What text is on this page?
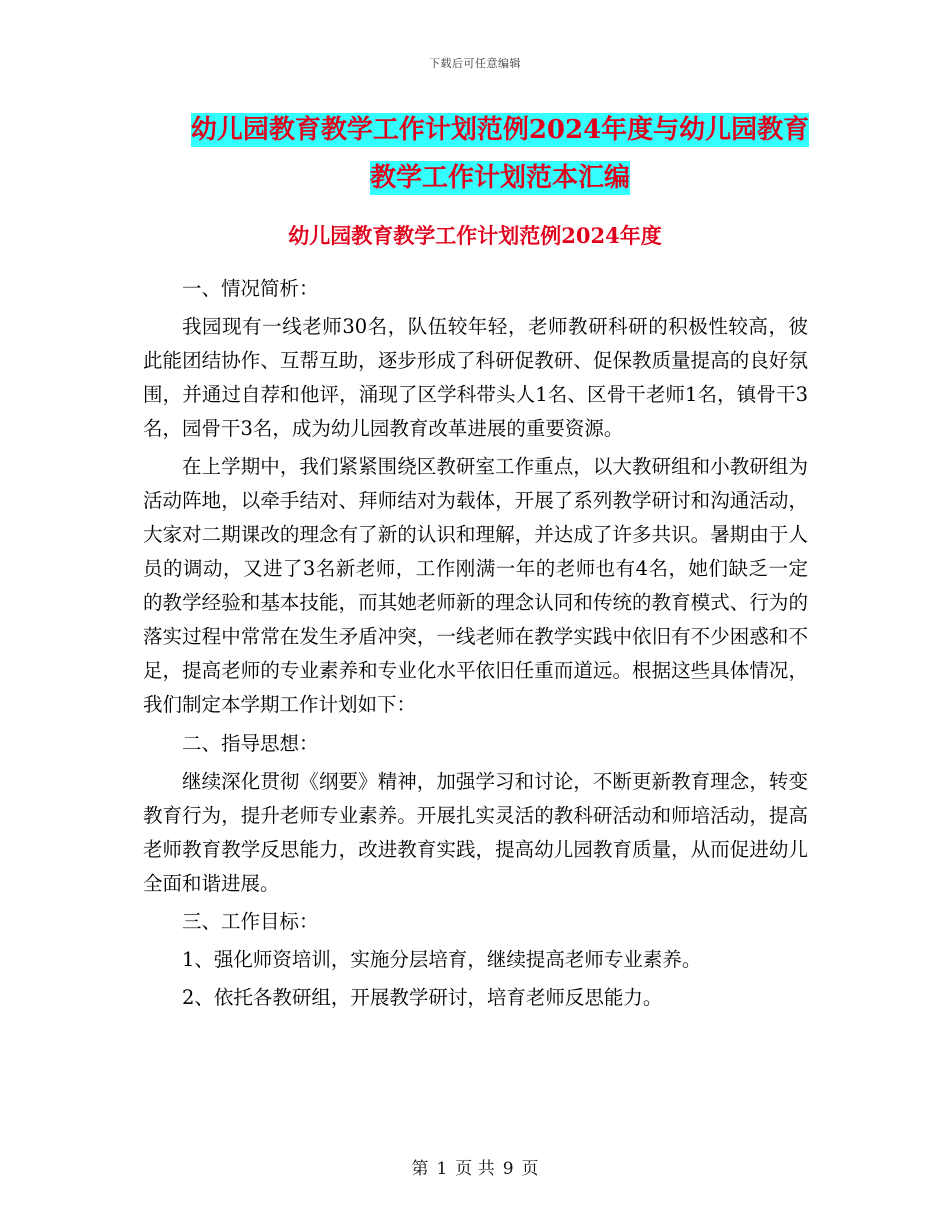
下载后可任意编辑
幼儿园教育教学工作计划范例2024年度与幼儿园教育
教学工作计划范本汇编
幼儿园教育教学工作计划范例2024年度

一、情况简析：

我园现有一线老师30名，队伍较年轻，老师教研科研的积极性较高，彼此能团结协作、互帮互助，逐步形成了科研促教研、促保教质量提高的良好氛围，并通过自荐和他评，涌现了区学科带头人1名、区骨干老师1名，镇骨干3名，园骨干3名，成为幼儿园教育改革进展的重要资源。

在上学期中，我们紧紧围绕区教研室工作重点，以大教研组和小教研组为活动阵地，以牵手结对、拜师结对为载体，开展了系列教学研讨和沟通活动，大家对二期课改的理念有了新的认识和理解，并达成了许多共识。暑期由于人员的调动，又进了3名新老师，工作刚满一年的老师也有4名，她们缺乏一定的教学经验和基本技能，而其她老师新的理念认同和传统的教育模式、行为的落实过程中常常在发生矛盾冲突，一线老师在教学实践中依旧有不少困惑和不足，提高老师的专业素养和专业化水平依旧任重而道远。根据这些具体情况，我们制定本学期工作计划如下：

二、指导思想：

继续深化贯彻《纲要》精神，加强学习和讨论，不断更新教育理念，转变教育行为，提升老师专业素养。开展扎实灵活的教科研活动和师培活动，提高老师教育教学反思能力，改进教育实践，提高幼儿园教育质量，从而促进幼儿全面和谐进展。

三、工作目标：

1、强化师资培训，实施分层培育，继续提高老师专业素养。

2、依托各教研组，开展教学研讨，培育老师反思能力。

第 1 页 共 9 页
